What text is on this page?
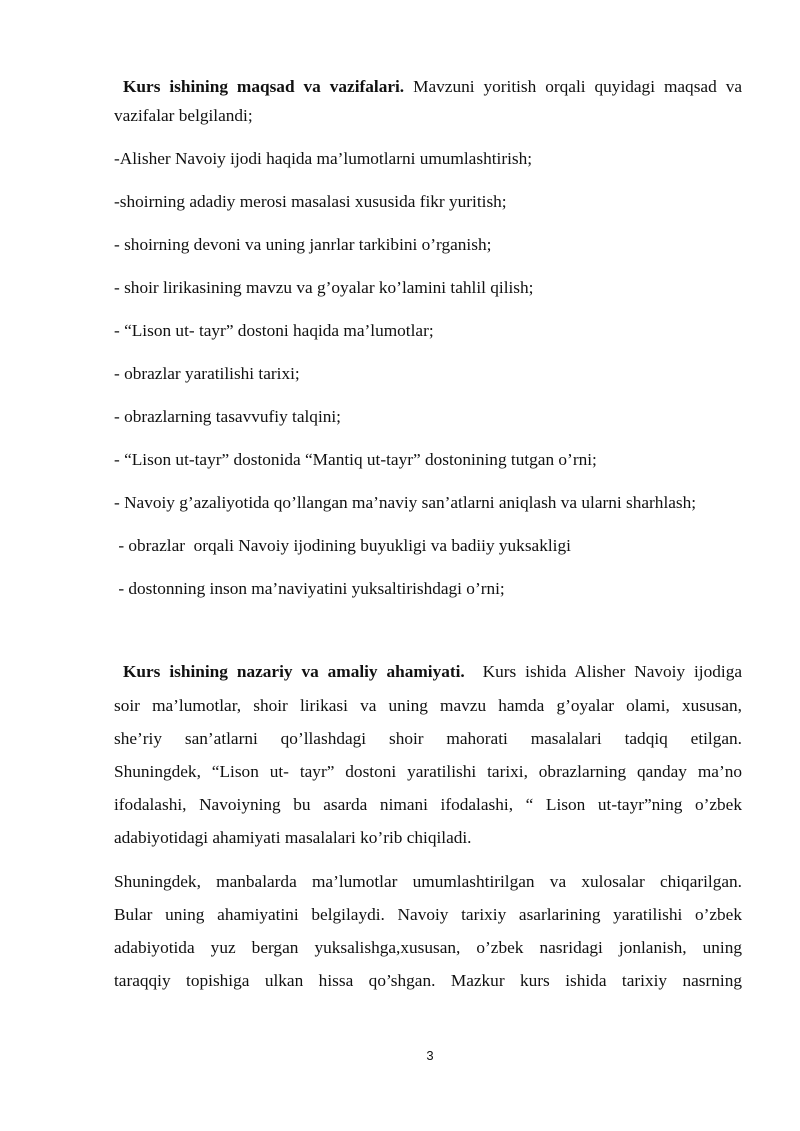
Kurs ishining maqsad va vazifalari. Mavzuni yoritish orqali quyidagi maqsad va
vazifalar belgilandi;
-Alisher Navoiy ijodi haqida ma’lumotlarni umumlashtirish;
-shoirning adadiy merosi masalasi xususida fikr yuritish;
- shoirning devoni va uning janrlar tarkibini o’rganish;
- shoir lirikasining mavzu va g’oyalar ko’lamini tahlil qilish;
- “Lison ut- tayr” dostoni haqida ma’lumotlar;
- obrazlar yaratilishi tarixi;
- obrazlarning tasavvufiy talqini;
- “Lison ut-tayr” dostonida “Mantiq ut-tayr” dostonining tutgan o’rni;
- Navoiy g’azaliyotida qo’llangan ma’naviy san’atlarni aniqlash va ularni sharhlash;
- obrazlar  orqali Navoiy ijodining buyukligi va badiiy yuksakligi
- dostonning inson ma’naviyatini yuksaltirishdagi o’rni;
Kurs ishining nazariy va amaliy ahamiyati. Kurs ishida Alisher Navoiy ijodiga
soir ma’lumotlar, shoir lirikasi va uning mavzu hamda g’oyalar olami, xususan,
she’riy san’atlarni qo’llashdagi shoir mahorati masalalari tadqiq etilgan.
Shuningdek, “Lison ut- tayr” dostoni yaratilishi tarixi, obrazlarning qanday ma’no
ifodalashi, Navoiyning bu asarda nimani ifodalashi, “ Lison ut-tayr”ning o’zbek
adabiyotidagi ahamiyati masalalari ko’rib chiqiladi.
Shuningdek, manbalarda ma’lumotlar umumlashtirilgan va xulosalar chiqarilgan.
Bular uning ahamiyatini belgilaydi. Navoiy tarixiy asarlarining yaratilishi o’zbek
adabiyotida yuz bergan yuksalishga,xususan, o’zbek nasridagi jonlanish, uning
taraqqiy topishiga ulkan hissa qo’shgan. Mazkur kurs ishida tarixiy nasrning
3
